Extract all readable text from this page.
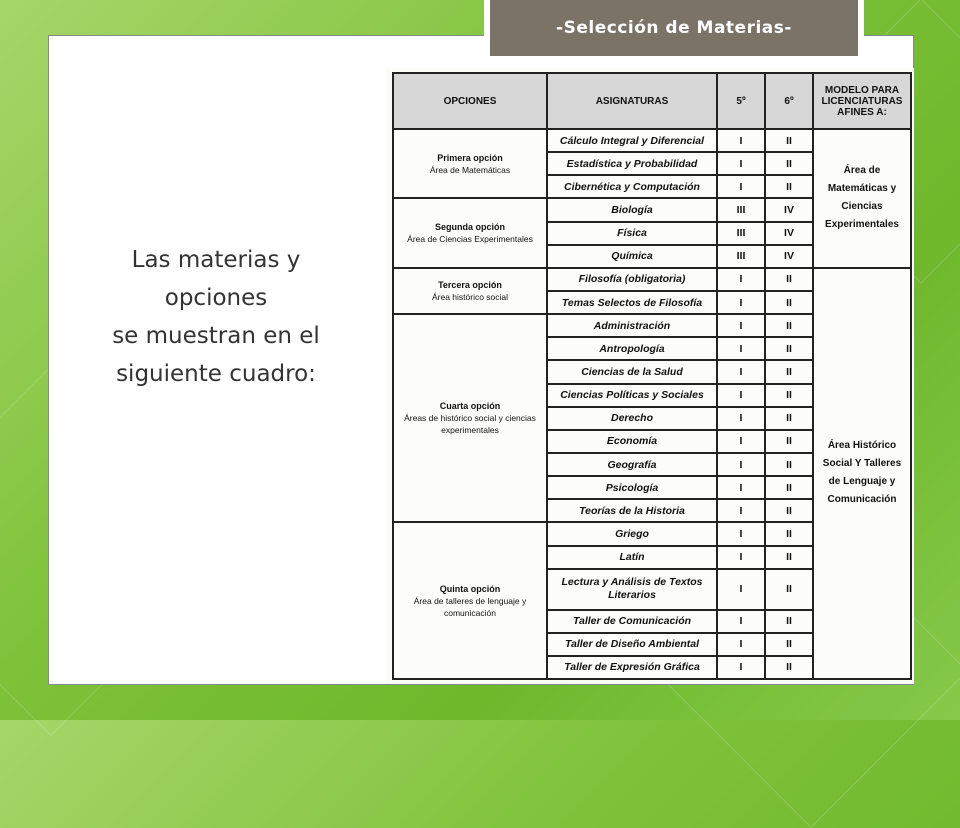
Las materias y
opciones
se muestran en el
siguiente cuadro:
-Selección de Materias-
OPCIONES	ASIGNATURAS	5º	6º	MODELO PARA LICENCIATURAS AFINES A:

Primera opción
Área de Matemáticas	Cálculo Integral y Diferencial	I	II	Área de Matemáticas y Ciencias Experimentales
	Estadística y Probabilidad	I	II	
	Cibernética y Computación	I	II	

Segunda opción
Área de Ciencias Experimentales	Biología	III	IV	
	Física	III	IV	
	Química	III	IV	

Tercera opción
Área histórico social	Filosofía (obligatoria)	I	II	Área Histórico Social Y Talleres de Lenguaje y Comunicación
	Temas Selectos de Filosofía	I	II	

Cuarta opción
Áreas de histórico social y ciencias experimentales	Administración	I	II	
	Antropología	I	II	
	Ciencias de la Salud	I	II	
	Ciencias Políticas y Sociales	I	II	
	Derecho	I	II	
	Economía	I	II	
	Geografía	I	II	
	Psicología	I	II	
	Teorías de la Historia	I	II	

Quinta opción
Área de talleres de lenguaje y comunicación	Griego	I	II	
	Latín	I	II	
	Lectura y Análisis de Textos Literarios	I	II	
	Taller de Comunicación	I	II	
	Taller de Diseño Ambiental	I	II	
	Taller de Expresión Gráfica	I	II	
